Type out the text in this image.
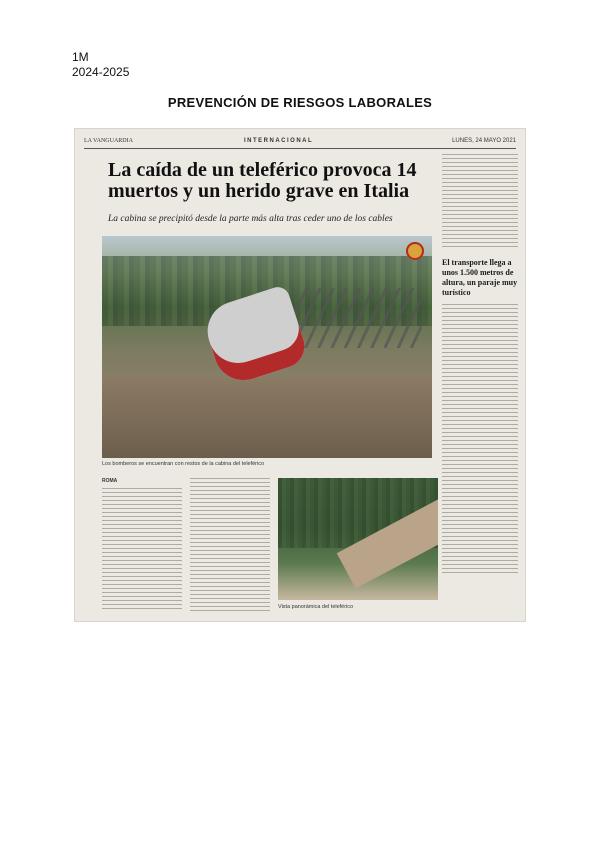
1M
2024-2025
PREVENCIÓN DE RIESGOS LABORALES
LA VANGUARDIA	INTERNACIONAL	LUNES, 24 MAYO 2021
La caída de un teleférico provoca 14 muertos y un herido grave en Italia
La cabina se precipitó desde la parte más alta tras ceder uno de los cables
Los bomberos se encuentran con restos de la cabina del teleférico
El transporte llega a unos 1.500 metros de altura, un paraje muy turístico
ROMA
Vista panorámica del teleférico
